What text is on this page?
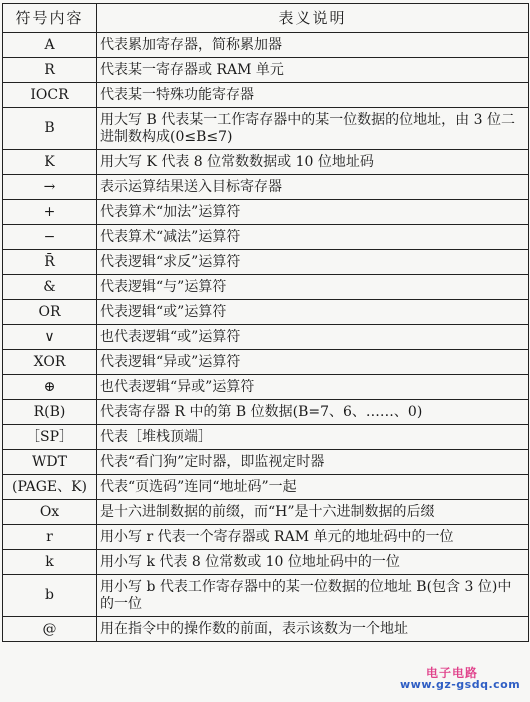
符号内容	表义说明
A	代表累加寄存器，简称累加器
R	代表某一寄存器或 RAM 单元
IOCR	代表某一特殊功能寄存器
B	用大写 B 代表某一工作寄存器中的某一位数据的位地址，由 3 位二进制数构成(0≤B≤7)
K	用大写 K 代表 8 位常数数据或 10 位地址码
→	表示运算结果送入目标寄存器
+	代表算术“加法”运算符
−	代表算术“减法”运算符
R̄	代表逻辑“求反”运算符
&	代表逻辑“与”运算符
OR	代表逻辑“或”运算符
∨	也代表逻辑“或”运算符
XOR	代表逻辑“异或”运算符
⊕	也代表逻辑“异或”运算符
R(B)	代表寄存器 R 中的第 B 位数据(B=7、6、……、0)
［SP］	代表［堆栈顶端］
WDT	代表“看门狗”定时器，即监视定时器
(PAGE、K)	代表“页选码”连同“地址码”一起
Ox	是十六进制数据的前缀，而“H”是十六进制数据的后缀
r	用小写 r 代表一个寄存器或 RAM 单元的地址码中的一位
k	用小写 k 代表 8 位常数或 10 位地址码中的一位
b	用小写 b 代表工作寄存器中的某一位数据的位地址 B(包含 3 位)中的一位
@	用在指令中的操作数的前面，表示该数为一个地址
电子电路
www.gz-gsdq.com
